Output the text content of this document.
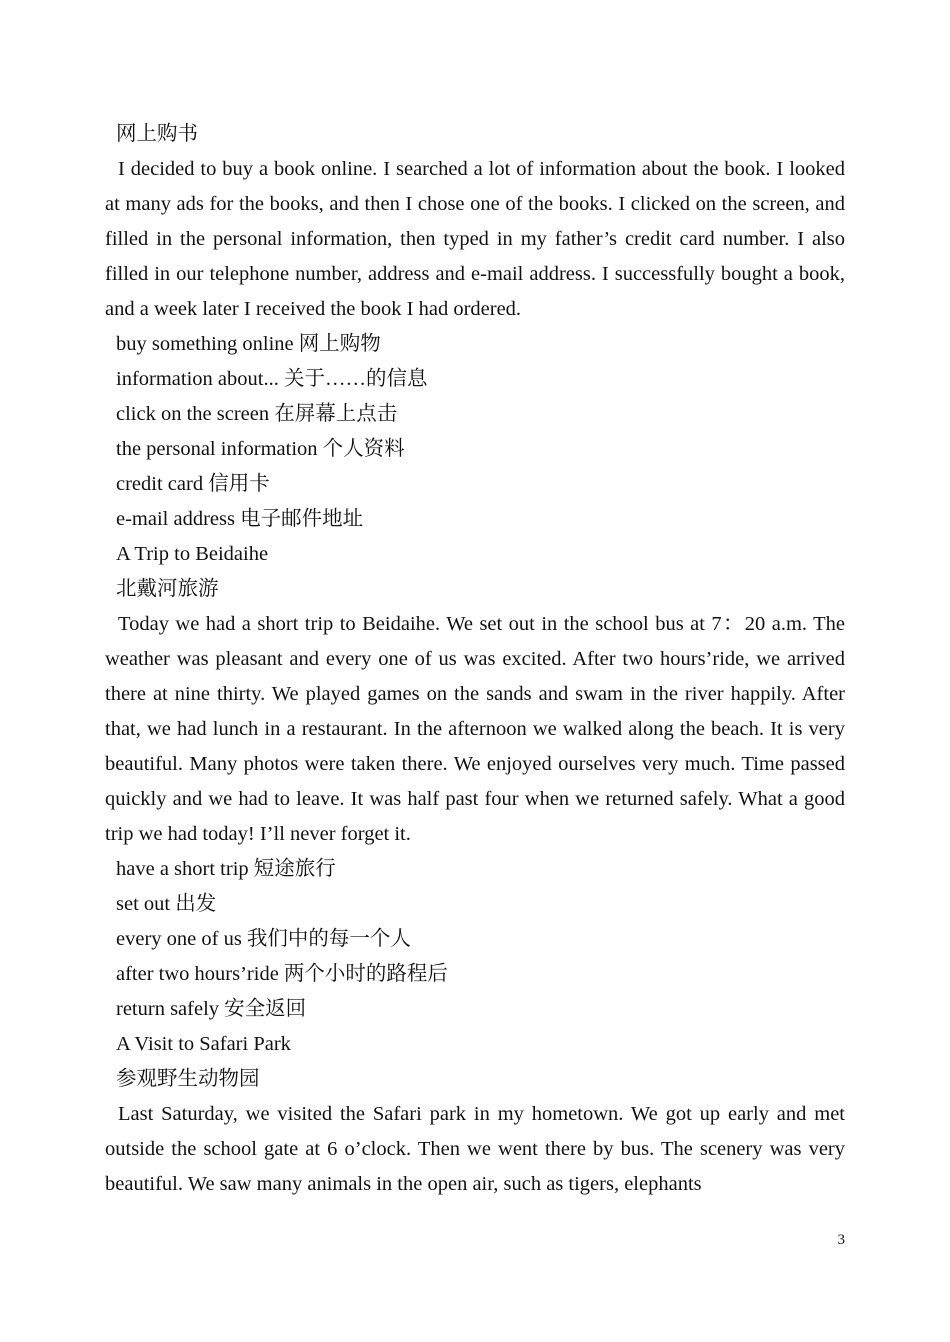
网上购书

I decided to buy a book online. I searched a lot of information about the book. I looked at many ads for the books, and then I chose one of the books. I clicked on the screen, and filled in the personal information, then typed in my father’s credit card number. I also filled in our telephone number, address and e-mail address. I successfully bought a book, and a week later I received the book I had ordered.

buy something online 网上购物
information about... 关于……的信息
click on the screen 在屏幕上点击
the personal information 个人资料
credit card 信用卡
e-mail address 电子邮件地址
A Trip to Beidaihe
北戴河旅游

Today we had a short trip to Beidaihe. We set out in the school bus at 7：20 a.m. The weather was pleasant and every one of us was excited. After two hours’ride, we arrived there at nine thirty. We played games on the sands and swam in the river happily. After that, we had lunch in a restaurant. In the afternoon we walked along the beach. It is very beautiful. Many photos were taken there. We enjoyed ourselves very much. Time passed quickly and we had to leave. It was half past four when we returned safely. What a good trip we had today! I’ll never forget it.

have a short trip 短途旅行
set out 出发
every one of us 我们中的每一个人
after two hours’ride 两个小时的路程后
return safely 安全返回
A Visit to Safari Park
参观野生动物园

Last Saturday, we visited the Safari park in my hometown. We got up early and met outside the school gate at 6 o’clock. Then we went there by bus. The scenery was very beautiful. We saw many animals in the open air, such as tigers, elephants

3
